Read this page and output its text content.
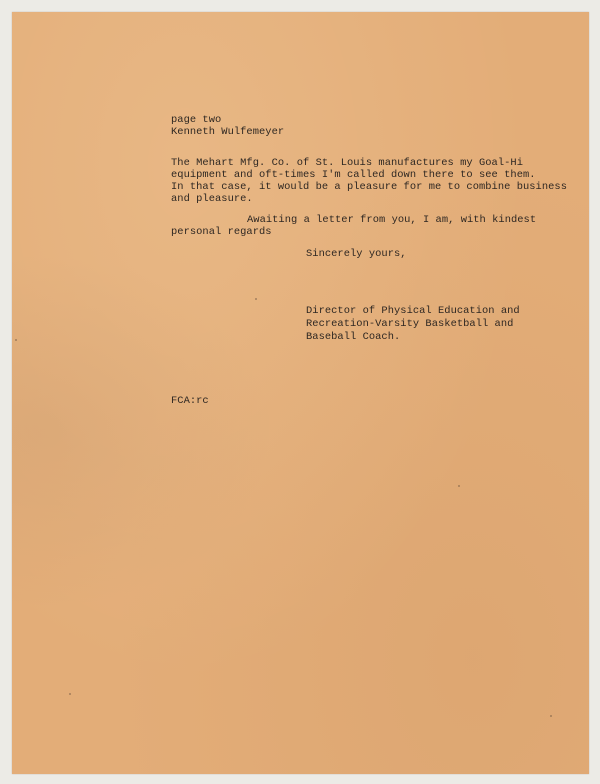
page two
Kenneth Wulfemeyer
The Mehart Mfg. Co. of St. Louis manufactures my Goal-Hi
equipment and oft-times I'm called down there to see them.
In that case, it would be a pleasure for me to combine business
and pleasure.
Awaiting a letter from you, I am, with kindest
personal regards
Sincerely yours,
Director of Physical Education and
Recreation-Varsity Basketball and
Baseball Coach.
FCA:rc
